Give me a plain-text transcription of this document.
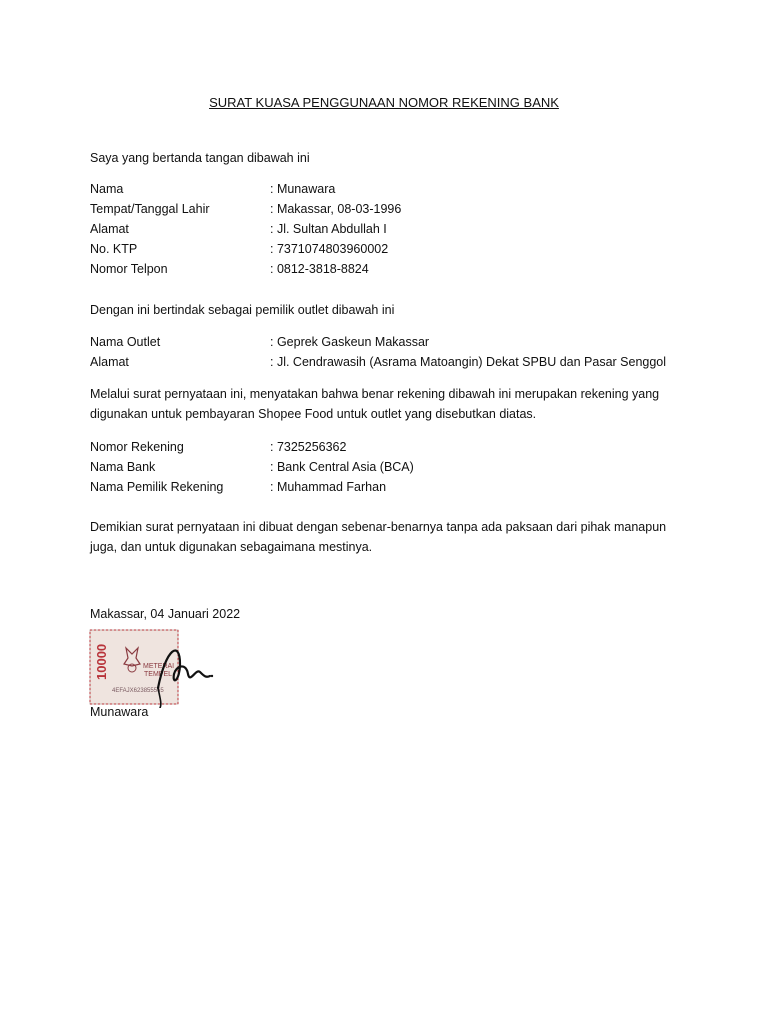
SURAT KUASA PENGGUNAAN NOMOR REKENING BANK
Saya yang bertanda tangan dibawah ini
Nama	: Munawara
Tempat/Tanggal Lahir	: Makassar, 08-03-1996
Alamat	: Jl. Sultan Abdullah I
No. KTP	: 7371074803960002
Nomor Telpon	: 0812-3818-8824
Dengan ini bertindak sebagai pemilik outlet dibawah ini
Nama Outlet	: Geprek Gaskeun Makassar
Alamat	: Jl. Cendrawasih (Asrama Matoangin) Dekat SPBU dan Pasar Senggol
Melalui surat pernyataan ini, menyatakan bahwa benar rekening dibawah ini merupakan rekening yang digunakan untuk pembayaran Shopee Food untuk outlet yang disebutkan diatas.
Nomor Rekening	: 7325256362
Nama Bank	: Bank Central Asia (BCA)
Nama Pemilik Rekening	: Muhammad Farhan
Demikian surat pernyataan ini dibuat dengan sebenar-benarnya tanpa ada paksaan dari pihak manapun juga, dan untuk digunakan sebagaimana mestinya.
Makassar, 04 Januari 2022
10000	METERAI
TEMPEL
4EFAJX623855565
Munawara
